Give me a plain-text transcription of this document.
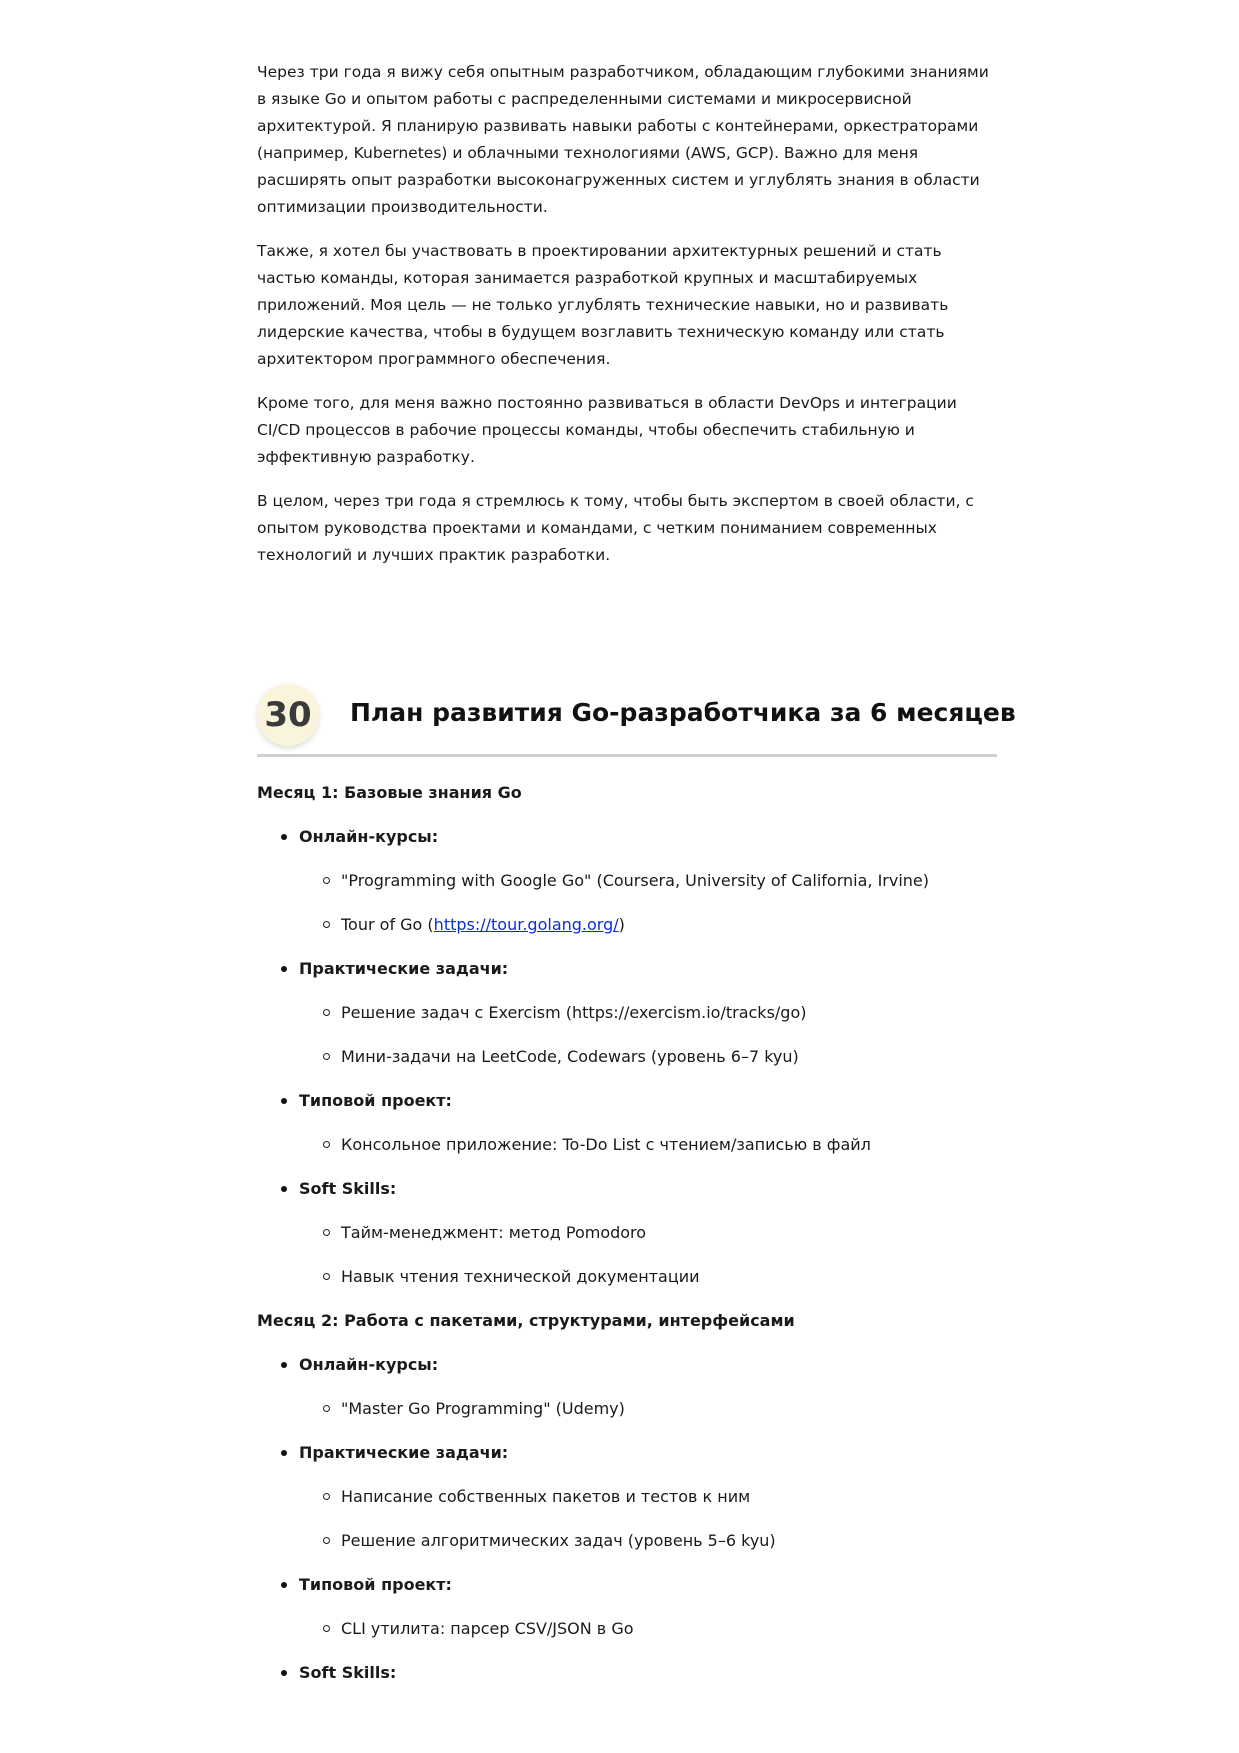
Через три года я вижу себя опытным разработчиком, обладающим глубокими знаниями в языке Go и опытом работы с распределенными системами и микросервисной архитектурой. Я планирую развивать навыки работы с контейнерами, оркестраторами (например, Kubernetes) и облачными технологиями (AWS, GCP). Важно для меня расширять опыт разработки высоконагруженных систем и углублять знания в области оптимизации производительности.

Также, я хотел бы участвовать в проектировании архитектурных решений и стать частью команды, которая занимается разработкой крупных и масштабируемых приложений. Моя цель — не только углублять технические навыки, но и развивать лидерские качества, чтобы в будущем возглавить техническую команду или стать архитектором программного обеспечения.

Кроме того, для меня важно постоянно развиваться в области DevOps и интеграции CI/CD процессов в рабочие процессы команды, чтобы обеспечить стабильную и эффективную разработку.

В целом, через три года я стремлюсь к тому, чтобы быть экспертом в своей области, с опытом руководства проектами и командами, с четким пониманием современных технологий и лучших практик разработки.

30 План развития Go-разработчика за 6 месяцев
Месяц 1: Базовые знания Go
Онлайн-курсы:
"Programming with Google Go" (Coursera, University of California, Irvine)
Tour of Go (https://tour.golang.org/)
Практические задачи:
Решение задач с Exercism (https://exercism.io/tracks/go)
Мини-задачи на LeetCode, Codewars (уровень 6–7 kyu)
Типовой проект:
Консольное приложение: To-Do List с чтением/записью в файл
Soft Skills:
Тайм-менеджмент: метод Pomodoro
Навык чтения технической документации
Месяц 2: Работа с пакетами, структурами, интерфейсами
Онлайн-курсы:
"Master Go Programming" (Udemy)
Практические задачи:
Написание собственных пакетов и тестов к ним
Решение алгоритмических задач (уровень 5–6 kyu)
Типовой проект:
CLI утилита: парсер CSV/JSON в Go
Soft Skills:
